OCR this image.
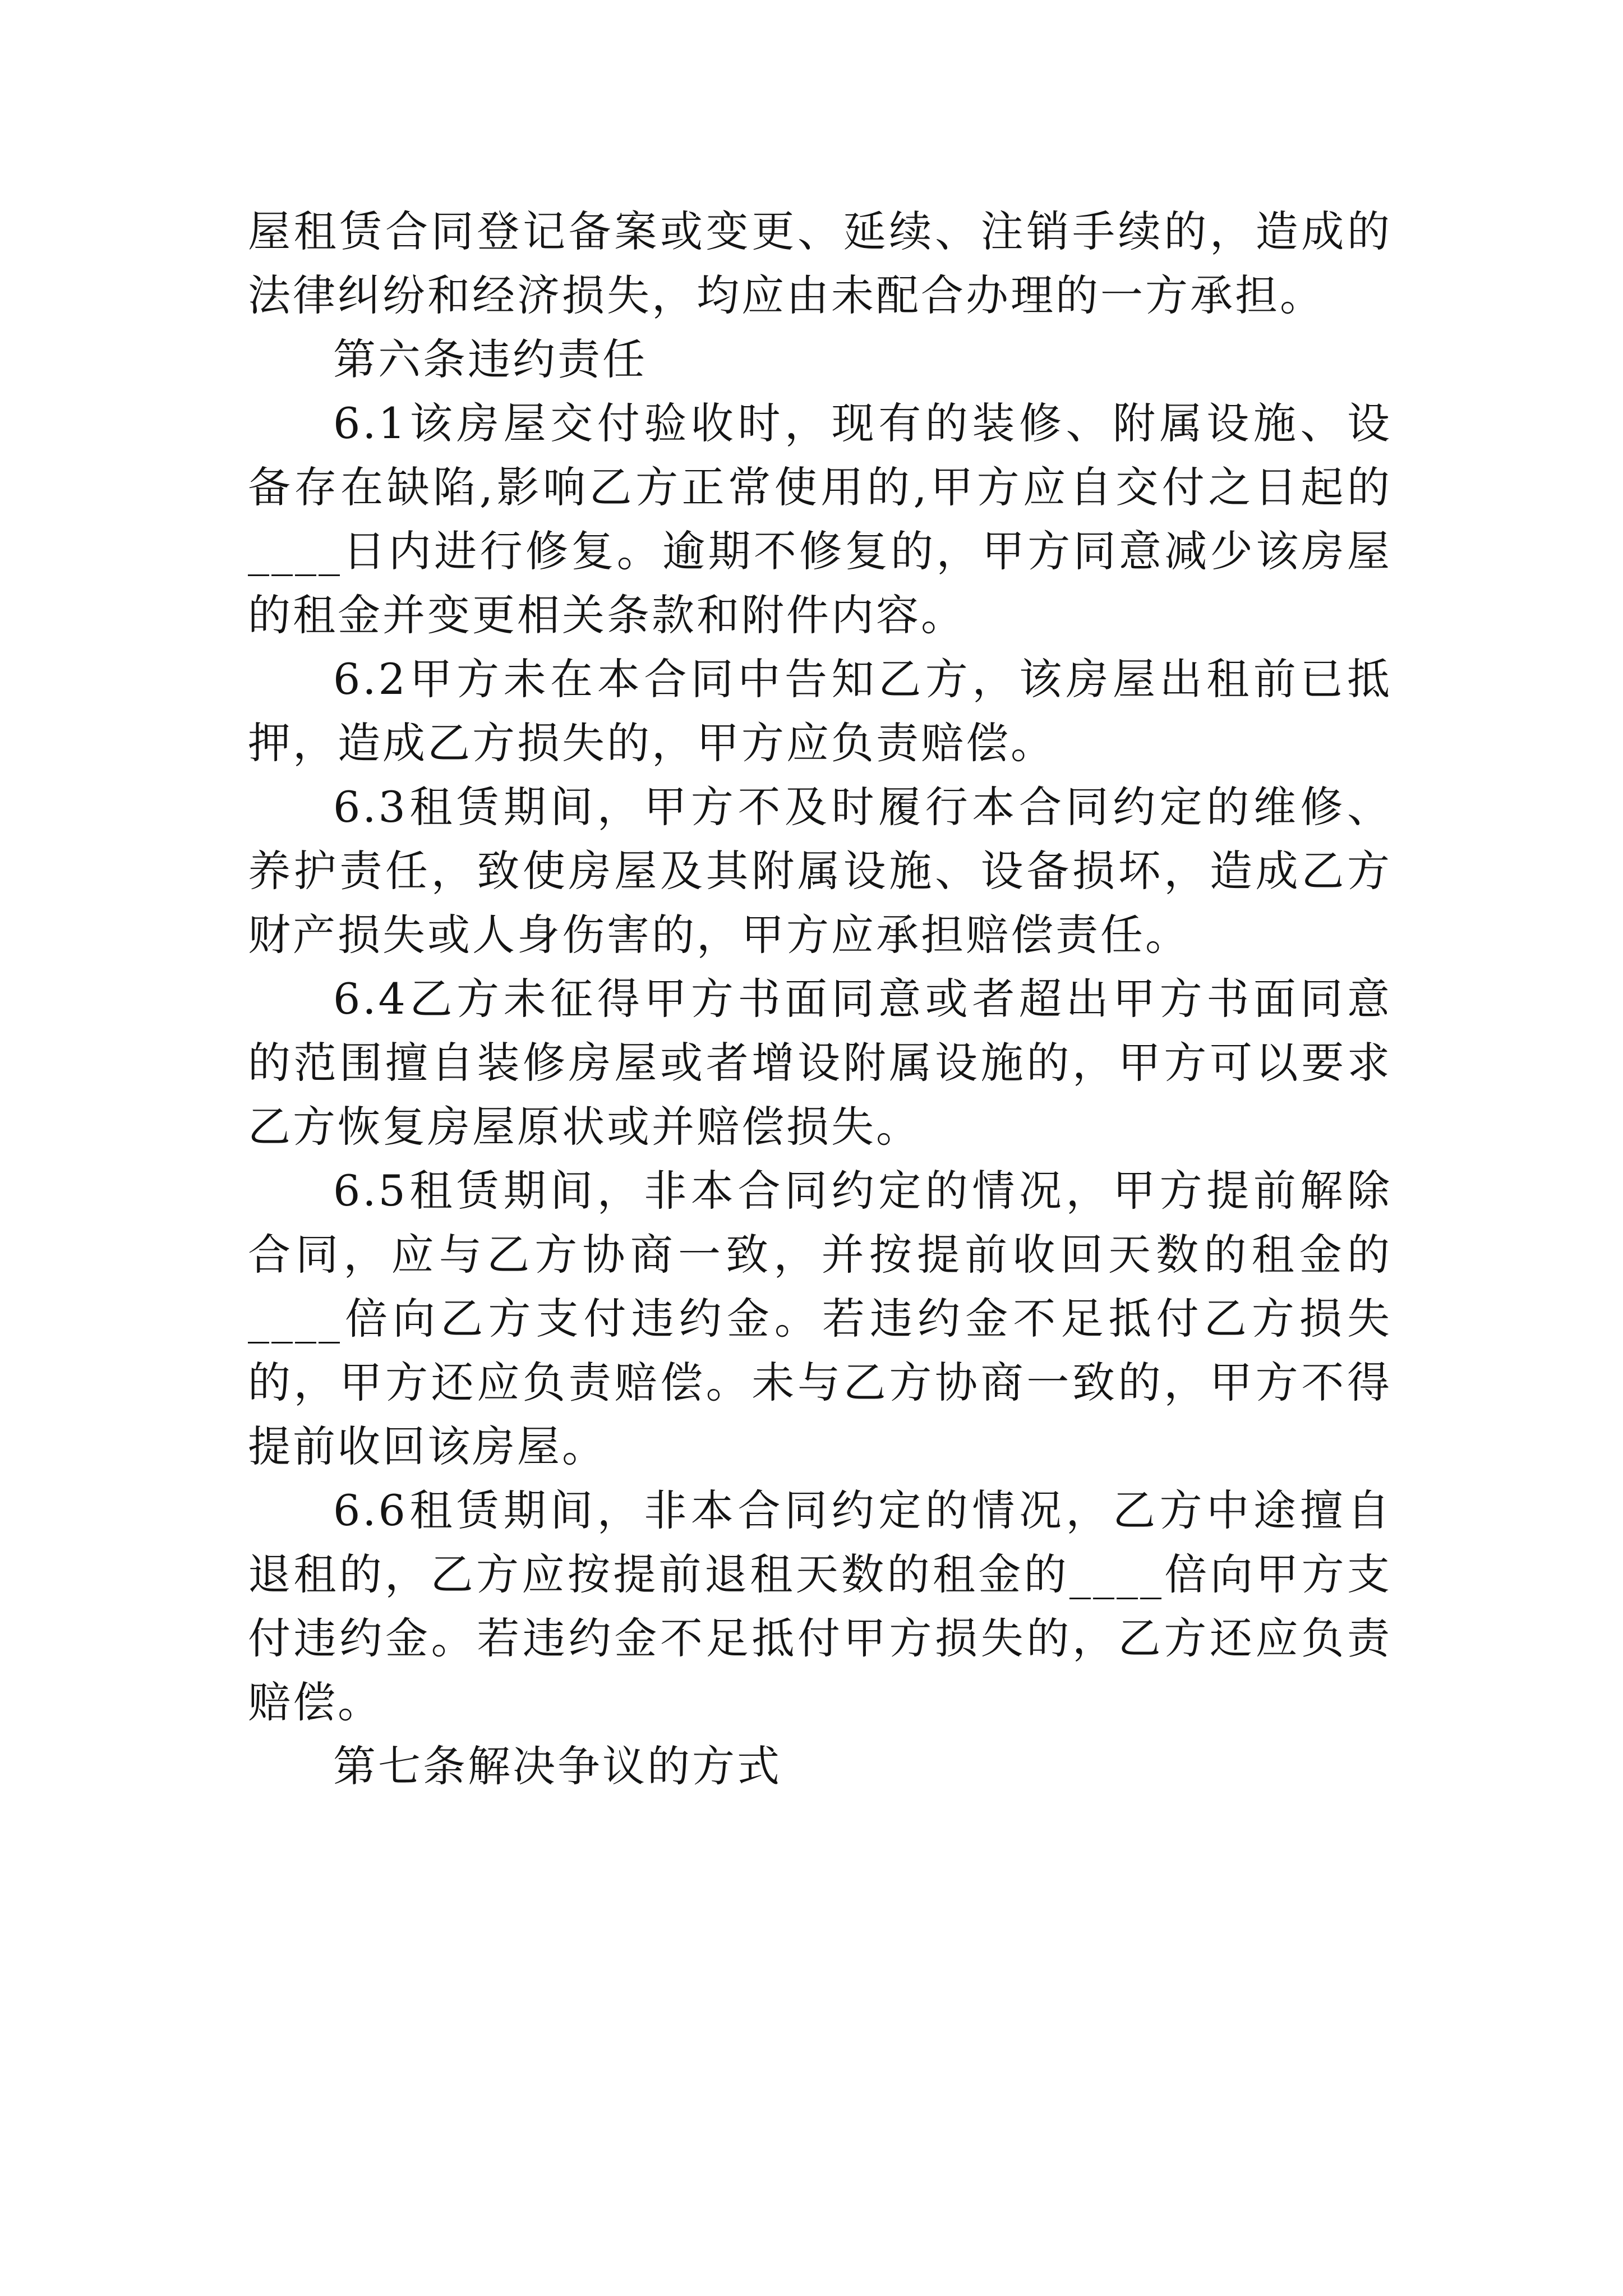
屋租赁合同登记备案或变更、延续、注销手续的，造成的法律纠纷和经济损失，均应由未配合办理的一方承担。

第六条违约责任

6.1该房屋交付验收时，现有的装修、附属设施、设备存在缺陷,影响乙方正常使用的,甲方应自交付之日起的____日内进行修复。逾期不修复的，甲方同意减少该房屋的租金并变更相关条款和附件内容。

6.2甲方未在本合同中告知乙方，该房屋出租前已抵押，造成乙方损失的，甲方应负责赔偿。

6.3租赁期间，甲方不及时履行本合同约定的维修、养护责任，致使房屋及其附属设施、设备损坏，造成乙方财产损失或人身伤害的，甲方应承担赔偿责任。

6.4乙方未征得甲方书面同意或者超出甲方书面同意的范围擅自装修房屋或者增设附属设施的，甲方可以要求乙方恢复房屋原状或并赔偿损失。

6.5租赁期间，非本合同约定的情况，甲方提前解除合同，应与乙方协商一致，并按提前收回天数的租金的____倍向乙方支付违约金。若违约金不足抵付乙方损失的，甲方还应负责赔偿。未与乙方协商一致的，甲方不得提前收回该房屋。

6.6租赁期间，非本合同约定的情况，乙方中途擅自退租的，乙方应按提前退租天数的租金的____倍向甲方支付违约金。若违约金不足抵付甲方损失的，乙方还应负责赔偿。

第七条解决争议的方式
